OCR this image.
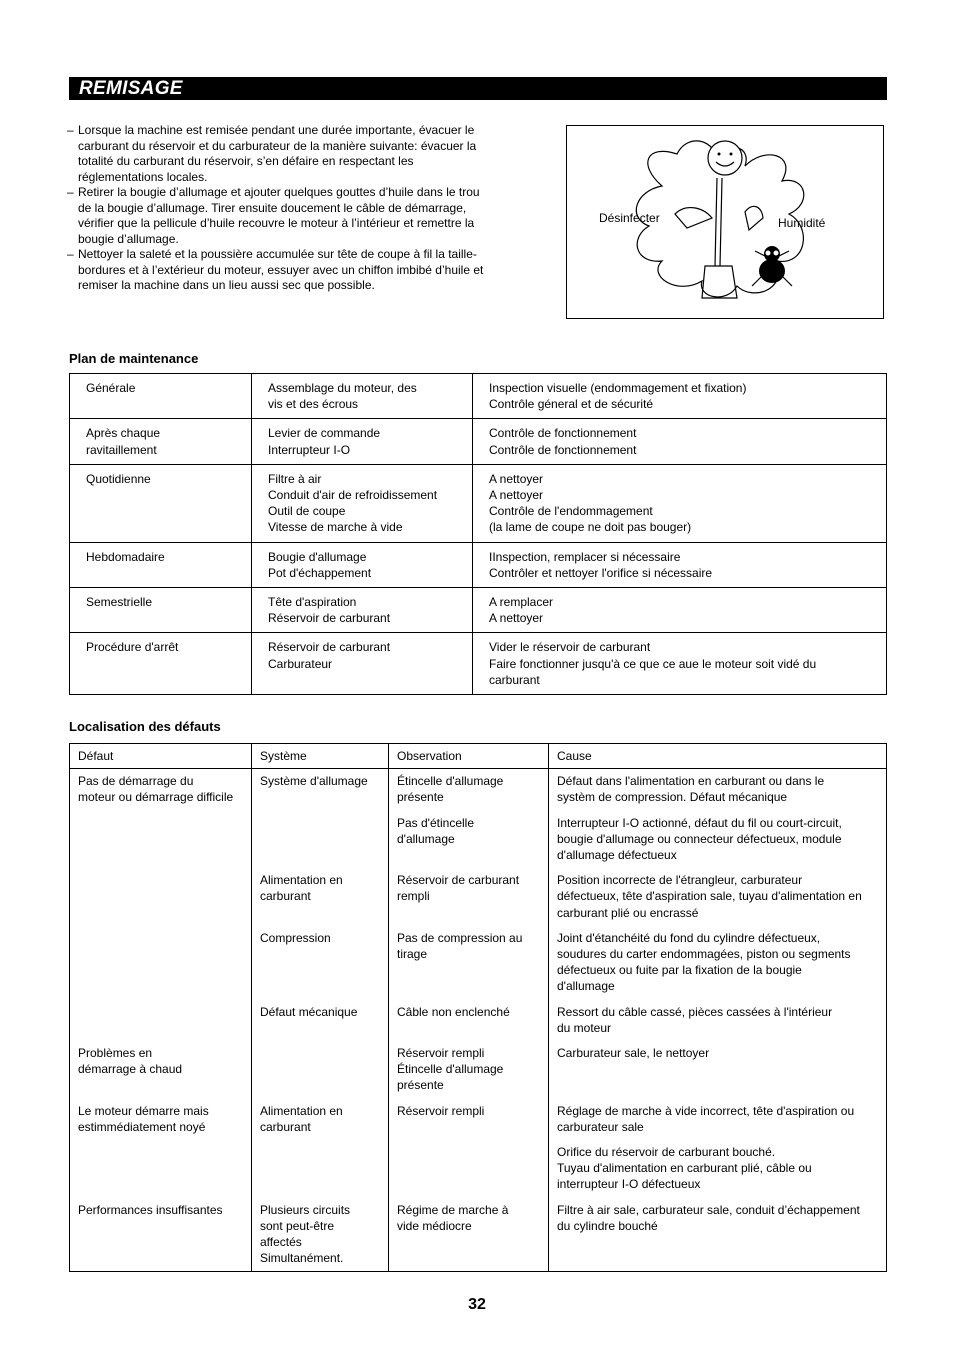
REMISAGE

– Lorsque la machine est remisée pendant une durée importante, évacuer le
carburant du réservoir et du carburateur de la manière suivante: évacuer la
totalité du carburant du réservoir, s’en défaire en respectant les
réglementations locales.

– Retirer la bougie d’allumage et ajouter quelques gouttes d’huile dans le trou
de la bougie d’allumage. Tirer ensuite doucement le câble de démarrage,
vérifier que la pellicule d’huile recouvre le moteur à l’intérieur et remettre la
bougie d’allumage.

– Nettoyer la saleté et la poussière accumulée sur tête de coupe à fil la taille-
bordures et à l’extérieur du moteur, essuyer avec un chiffon imbibé d’huile et
remiser la machine dans un lieu aussi sec que possible.

Désinfecter	Humidité
Plan de maintenance
Générale	Assemblage du moteur, des
vis et des écrous	Inspection visuelle (endommagement et fixation)
Contrôle géneral et de sécurité

Après chaque
ravitaillement	Levier de commande
Interrupteur I-O	Contrôle de fonctionnement
Contrôle de fonctionnement

Quotidienne	Filtre à air
Conduit d'air de refroidissement
Outil de coupe
Vitesse de marche à vide	A nettoyer
A nettoyer
Contrôle de l'endommagement
(la lame de coupe ne doit pas bouger)

Hebdomadaire	Bougie d'allumage
Pot d'échappement	IInspection, remplacer si nécessaire
Contrôler et nettoyer l'orifice si nécessaire

Semestrielle	Tête d'aspiration
Réservoir de carburant	A remplacer
A nettoyer

Procédure d'arrêt	Réservoir de carburant
Carburateur	Vider le réservoir de carburant
Faire fonctionner jusqu'à ce que ce aue le moteur soit vidé du
carburant
Localisation des défauts
Défaut	Système	Observation	Cause

Pas de démarrage du
moteur ou démarrage difficile	Système d'allumage	Étincelle d'allumage
présente	Défaut dans l'alimentation en carburant ou dans le
systèm de compression. Défaut mécanique

		Pas d'étincelle
d'allumage	Interrupteur I-O actionné, défaut du fil ou court-circuit,
bougie d'allumage ou connecteur défectueux, module
d'allumage défectueux

	Alimentation en
carburant	Réservoir de carburant
rempli	Position incorrecte de l'étrangleur, carburateur
défectueux, tête d'aspiration sale, tuyau d'alimentation en
carburant plié ou encrassé

	Compression	Pas de compression au
tirage	Joint d'étanchéité du fond du cylindre défectueux,
soudures du carter endommagées, piston ou segments
défectueux ou fuite par la fixation de la bougie
d'allumage

	Défaut mécanique	Câble non enclenché	Ressort du câble cassé, pièces cassées à l'intérieur
du moteur

Problèmes en
démarrage à chaud		Réservoir rempli
Étincelle d'allumage
présente	Carburateur sale, le nettoyer

Le moteur démarre mais
estimmédiatement noyé	Alimentation en
carburant	Réservoir rempli	Réglage de marche à vide incorrect, tête d'aspiration ou
carburateur sale

			Orifice du réservoir de carburant bouché.
Tuyau d'alimentation en carburant plié, câble ou
interrupteur I-O défectueux

Performances insuffisantes	Plusieurs circuits
sont peut-être
affectés
Simultanément.	Régime de marche à
vide médiocre	Filtre à air sale, carburateur sale, conduit d’échappement
du cylindre bouché
32
